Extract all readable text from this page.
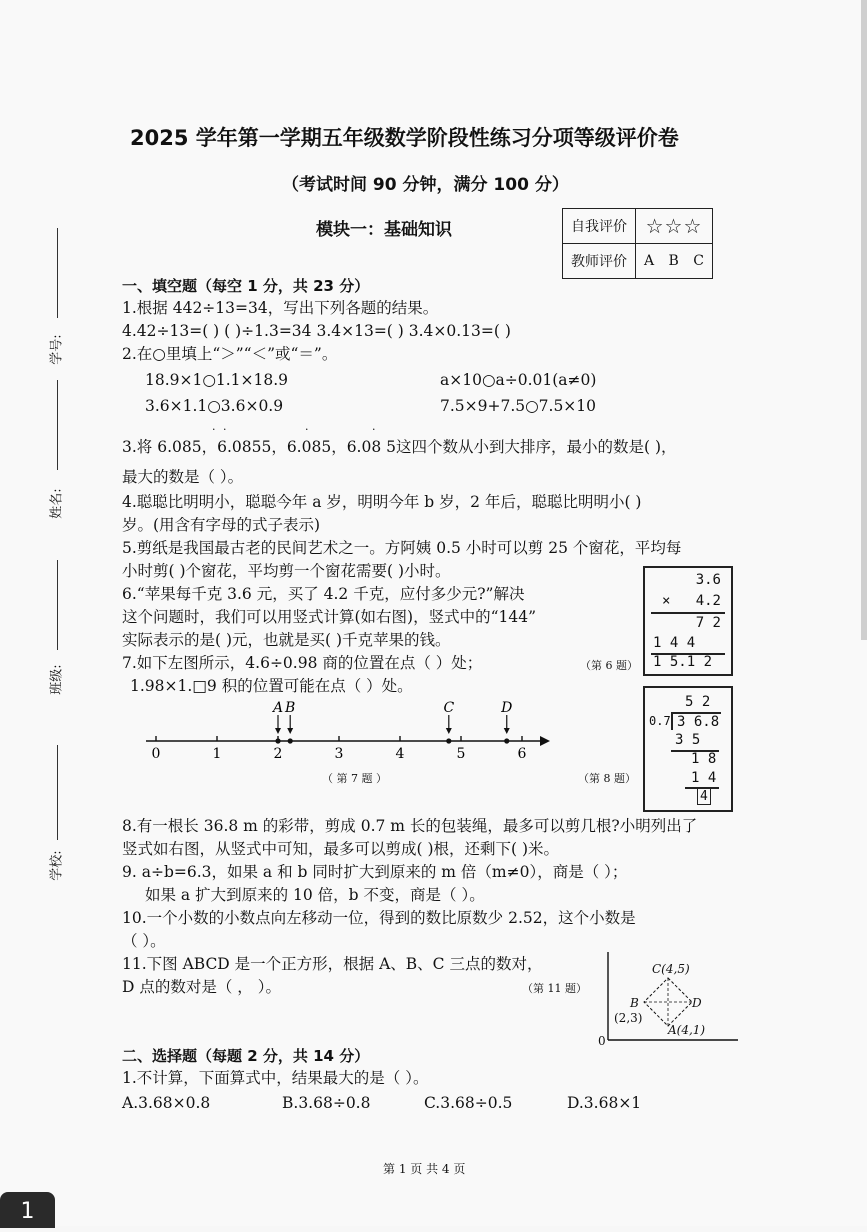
2025 学年第一学期五年级数学阶段性练习分项等级评价卷
（考试时间 90 分钟，满分 100 分）
模块一：基础知识	自我评价	☆☆☆
教师评价	A B C
学号:
姓名:
班级:
学校:
一、填空题（每空 1 分，共 23 分）
1.根据 442÷13=34，写出下列各题的结果。
4.42÷13=( ) ( )÷1.3=34 3.4×13=( ) 3.4×0.13=( )
2.在○里填上“＞”“＜”或“＝”。
18.9×1○1.1×18.9	a×10○a÷0.01(a≠0)
3.6×1.1○3.6×0.9	7.5×9+7.5○7.5×10
· ·	·	·
3.将 6.085，6.0855，6.085，6.08 5这四个数从小到大排序，最小的数是( )，
最大的数是（ ）。
4.聪聪比明明小，聪聪今年 a 岁，明明今年 b 岁，2 年后，聪聪比明明小( )
岁。(用含有字母的式子表示)
5.剪纸是我国最古老的民间艺术之一。方阿姨 0.5 小时可以剪 25 个窗花，平均每
小时剪( )个窗花，平均剪一个窗花需要( )小时。
6.“苹果每千克 3.6 元，买了 4.2 千克，应付多少元?”解决
这个问题时，我们可以用竖式计算(如右图)，竖式中的“144”
实际表示的是( )元，也就是买( )千克苹果的钱。
7.如下左图所示，4.6÷0.98 商的位置在点（ ）处；	（第 6 题）
1.98×1.□9 积的位置可能在点（ ）处。
3.6
×   4.2
7 2
1 4 4
1 5.1 2
0	1	2	3	4	5	6
A B	C	D
（ 第 7 题 ）	（第 8 题）
5 2
0.7 3 6.8
3 5
1 8
1 4
4
8.有一根长 36.8 m 的彩带，剪成 0.7 m 长的包装绳，最多可以剪几根?小明列出了
竖式如右图，从竖式中可知，最多可以剪成( )根，还剩下( )米。
9. a÷b=6.3，如果 a 和 b 同时扩大到原来的 m 倍（m≠0），商是（ ）；
如果 a 扩大到原来的 10 倍，b 不变，商是（ ）。
10.一个小数的小数点向左移动一位，得到的数比原数少 2.52，这个小数是
（ ）。
11.下图 ABCD 是一个正方形，根据 A、B、C 三点的数对，
D 点的数对是（ ， ）。	（第 11 题）
C(4,5)
B
(2,3)
D
A(4,1)
0
二、选择题（每题 2 分，共 14 分）
1.不计算，下面算式中，结果最大的是（ ）。
A.3.68×0.8	B.3.68÷0.8	C.3.68÷0.5	D.3.68×1
第 1 页 共 4 页
1
